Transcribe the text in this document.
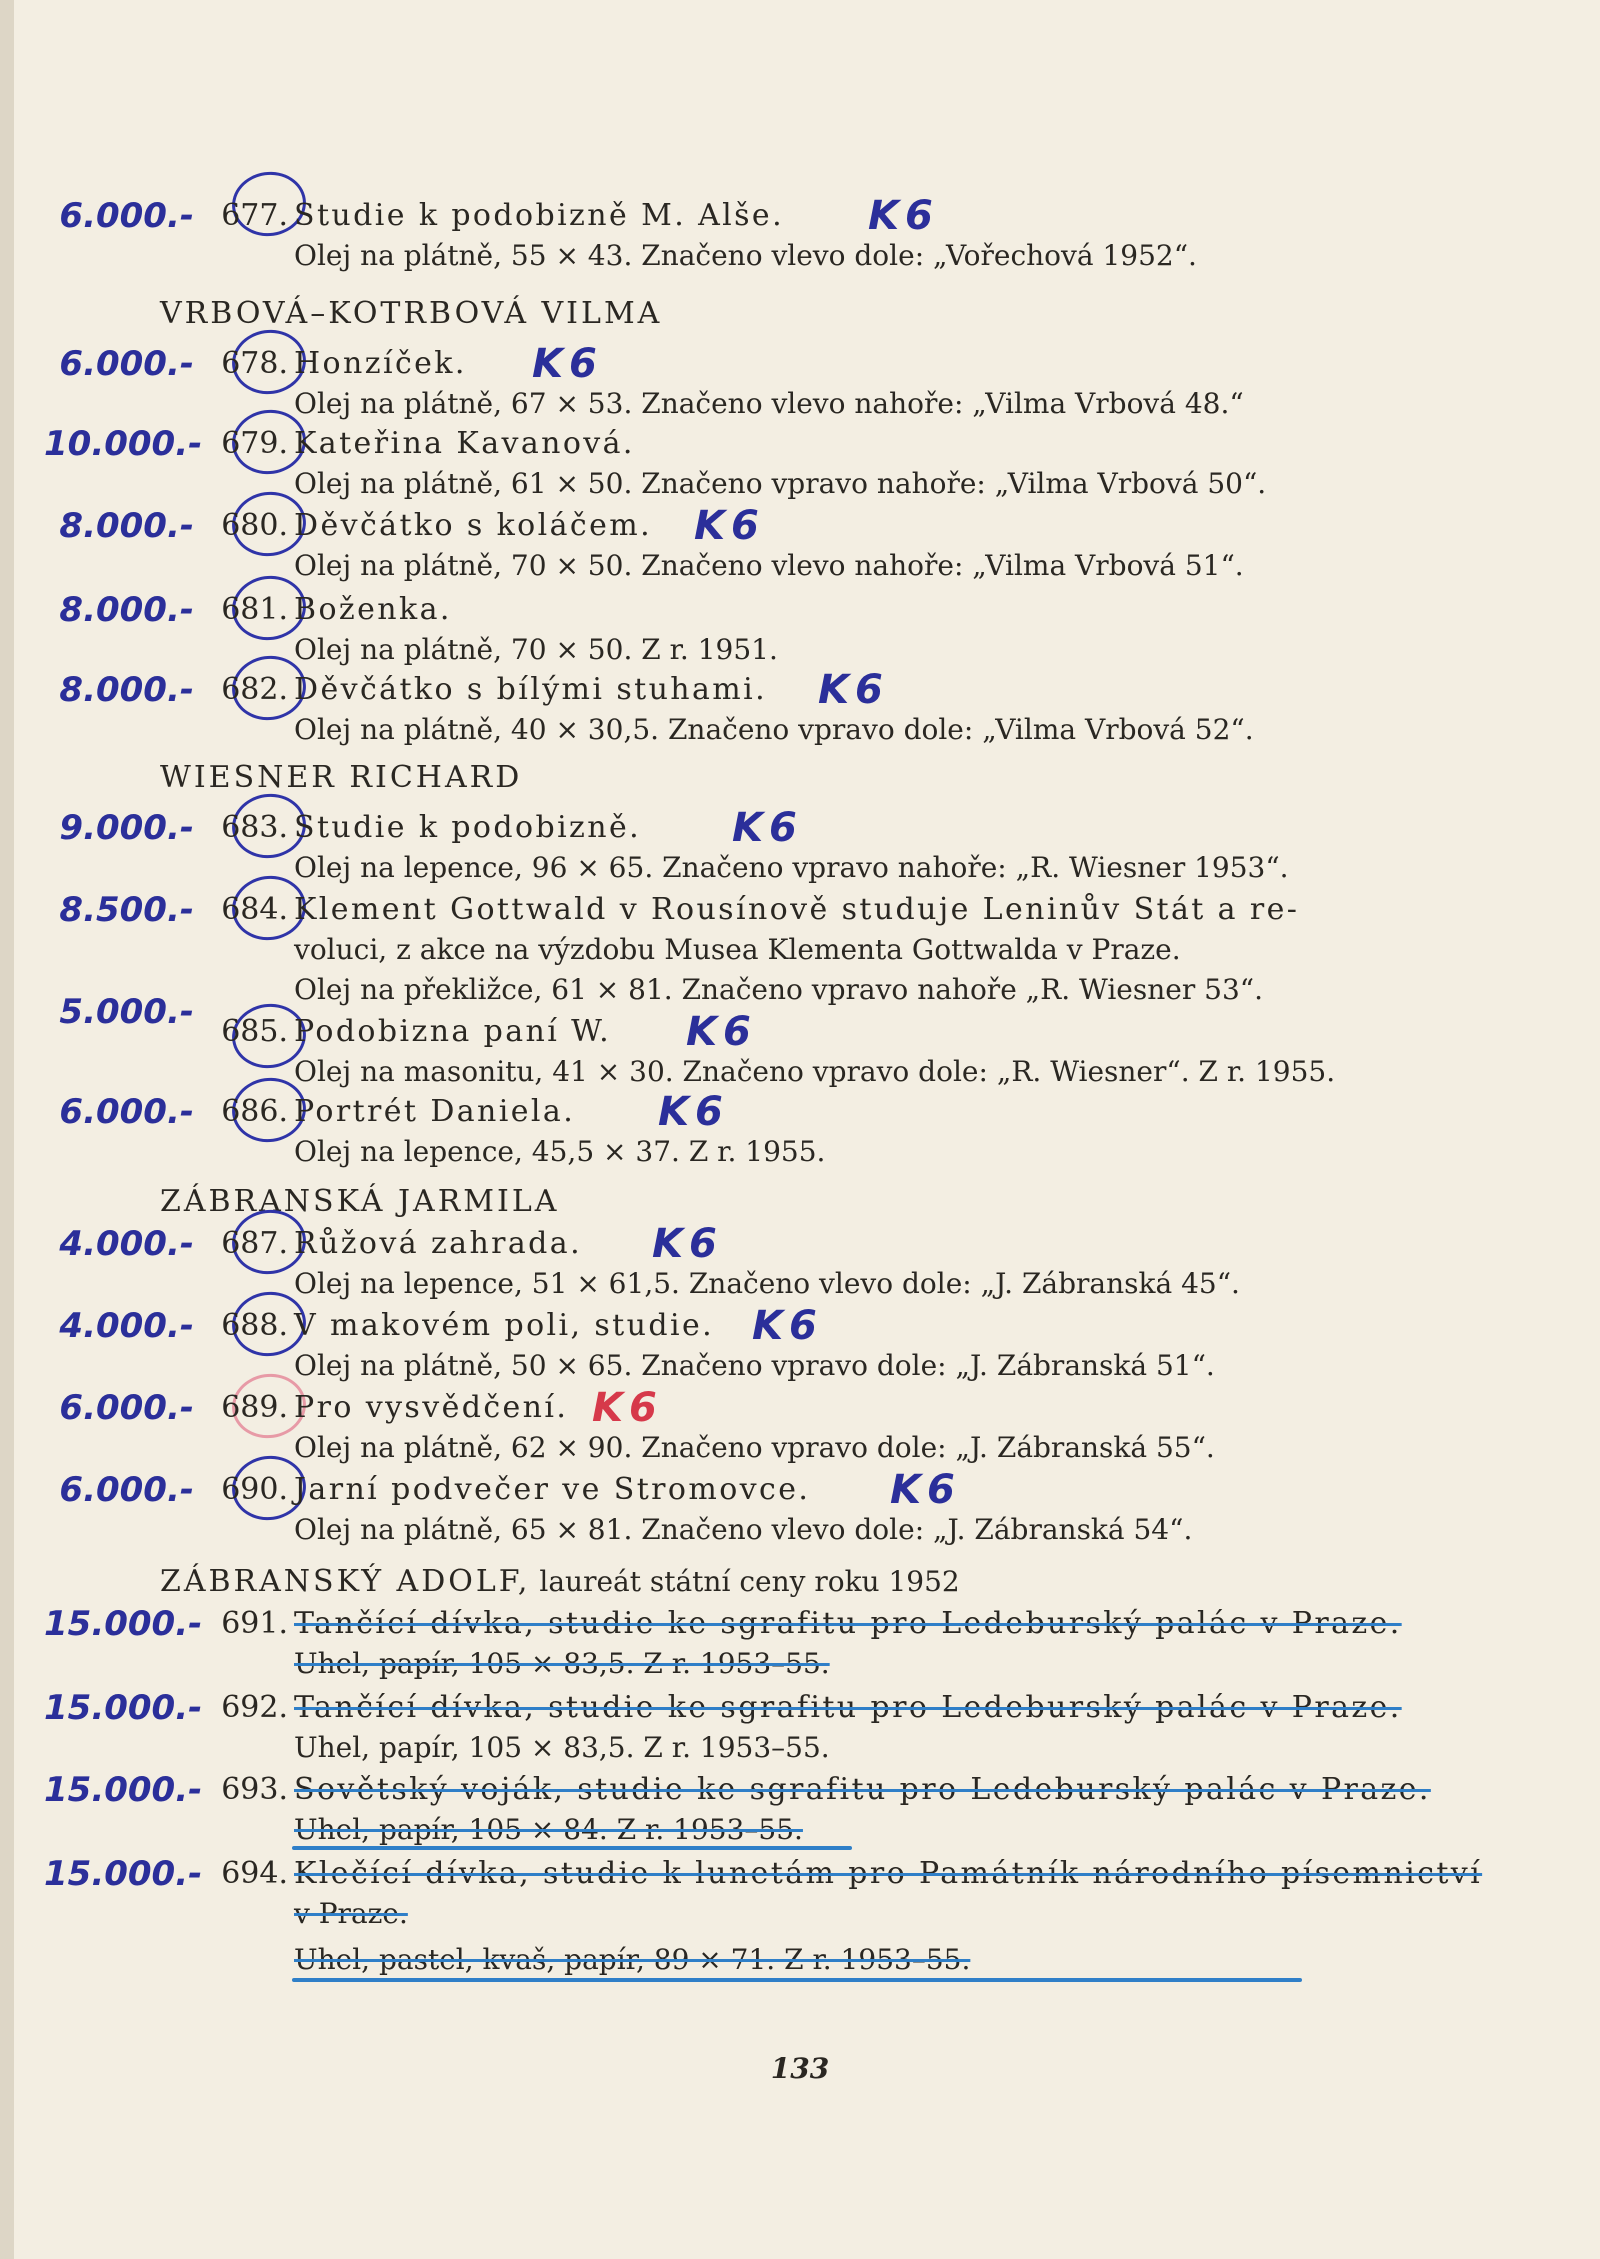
6.000.- 677. Studie k podobizně M. Alše. K6
Olej na plátně, 55 × 43. Značeno vlevo dole: „Vořechová 1952“.
VRBOVÁ–KOTRBOVÁ VILMA
6.000.- 678. Honzíček. K6
Olej na plátně, 67 × 53. Značeno vlevo nahoře: „Vilma Vrbová 48.“
10.000.- 679. Kateřina Kavanová.
Olej na plátně, 61 × 50. Značeno vpravo nahoře: „Vilma Vrbová 50“.
8.000.- 680. Děvčátko s koláčem. K6
Olej na plátně, 70 × 50. Značeno vlevo nahoře: „Vilma Vrbová 51“.
8.000.- 681. Boženka.
Olej na plátně, 70 × 50. Z r. 1951.
8.000.- 682. Děvčátko s bílými stuhami. K6
Olej na plátně, 40 × 30,5. Značeno vpravo dole: „Vilma Vrbová 52“.
WIESNER RICHARD
9.000.- 683. Studie k podobizně. K6
Olej na lepence, 96 × 65. Značeno vpravo nahoře: „R. Wiesner 1953“.
8.500.- 684. Klement Gottwald v Rousínově studuje Leninův Stát a re-
voluci, z akce na výzdobu Musea Klementa Gottwalda v Praze.
Olej na překližce, 61 × 81. Značeno vpravo nahoře „R. Wiesner 53“.
5.000.- 685. Podobizna paní W. K6
Olej na masonitu, 41 × 30. Značeno vpravo dole: „R. Wiesner“. Z r. 1955.
6.000.- 686. Portrét Daniela. K6
Olej na lepence, 45,5 × 37. Z r. 1955.
ZÁBRANSKÁ JARMILA
4.000.- 687. Růžová zahrada. K6
Olej na lepence, 51 × 61,5. Značeno vlevo dole: „J. Zábranská 45“.
4.000.- 688. V makovém poli, studie. K6
Olej na plátně, 50 × 65. Značeno vpravo dole: „J. Zábranská 51“.
6.000.- 689. Pro vysvědčení. K6
Olej na plátně, 62 × 90. Značeno vpravo dole: „J. Zábranská 55“.
6.000.- 690. Jarní podvečer ve Stromovce. K6
Olej na plátně, 65 × 81. Značeno vlevo dole: „J. Zábranská 54“.
ZÁBRANSKÝ ADOLF, laureát státní ceny roku 1952
15.000.- 691. Tančící dívka, studie ke sgrafitu pro Ledeburský palác v Praze.
Uhel, papír, 105 × 83,5. Z r. 1953–55.
15.000.- 692. Tančící dívka, studie ke sgrafitu pro Ledeburský palác v Praze.
Uhel, papír, 105 × 83,5. Z r. 1953–55.
15.000.- 693. Sovětský voják, studie ke sgrafitu pro Ledeburský palác v Praze.
Uhel, papír, 105 × 84. Z r. 1953–55.
15.000.- 694. Klečící dívka, studie k lunetám pro Památník národního písemnictví
v Praze.
Uhel, pastel, kvaš, papír, 89 × 71. Z r. 1953–55.
133
